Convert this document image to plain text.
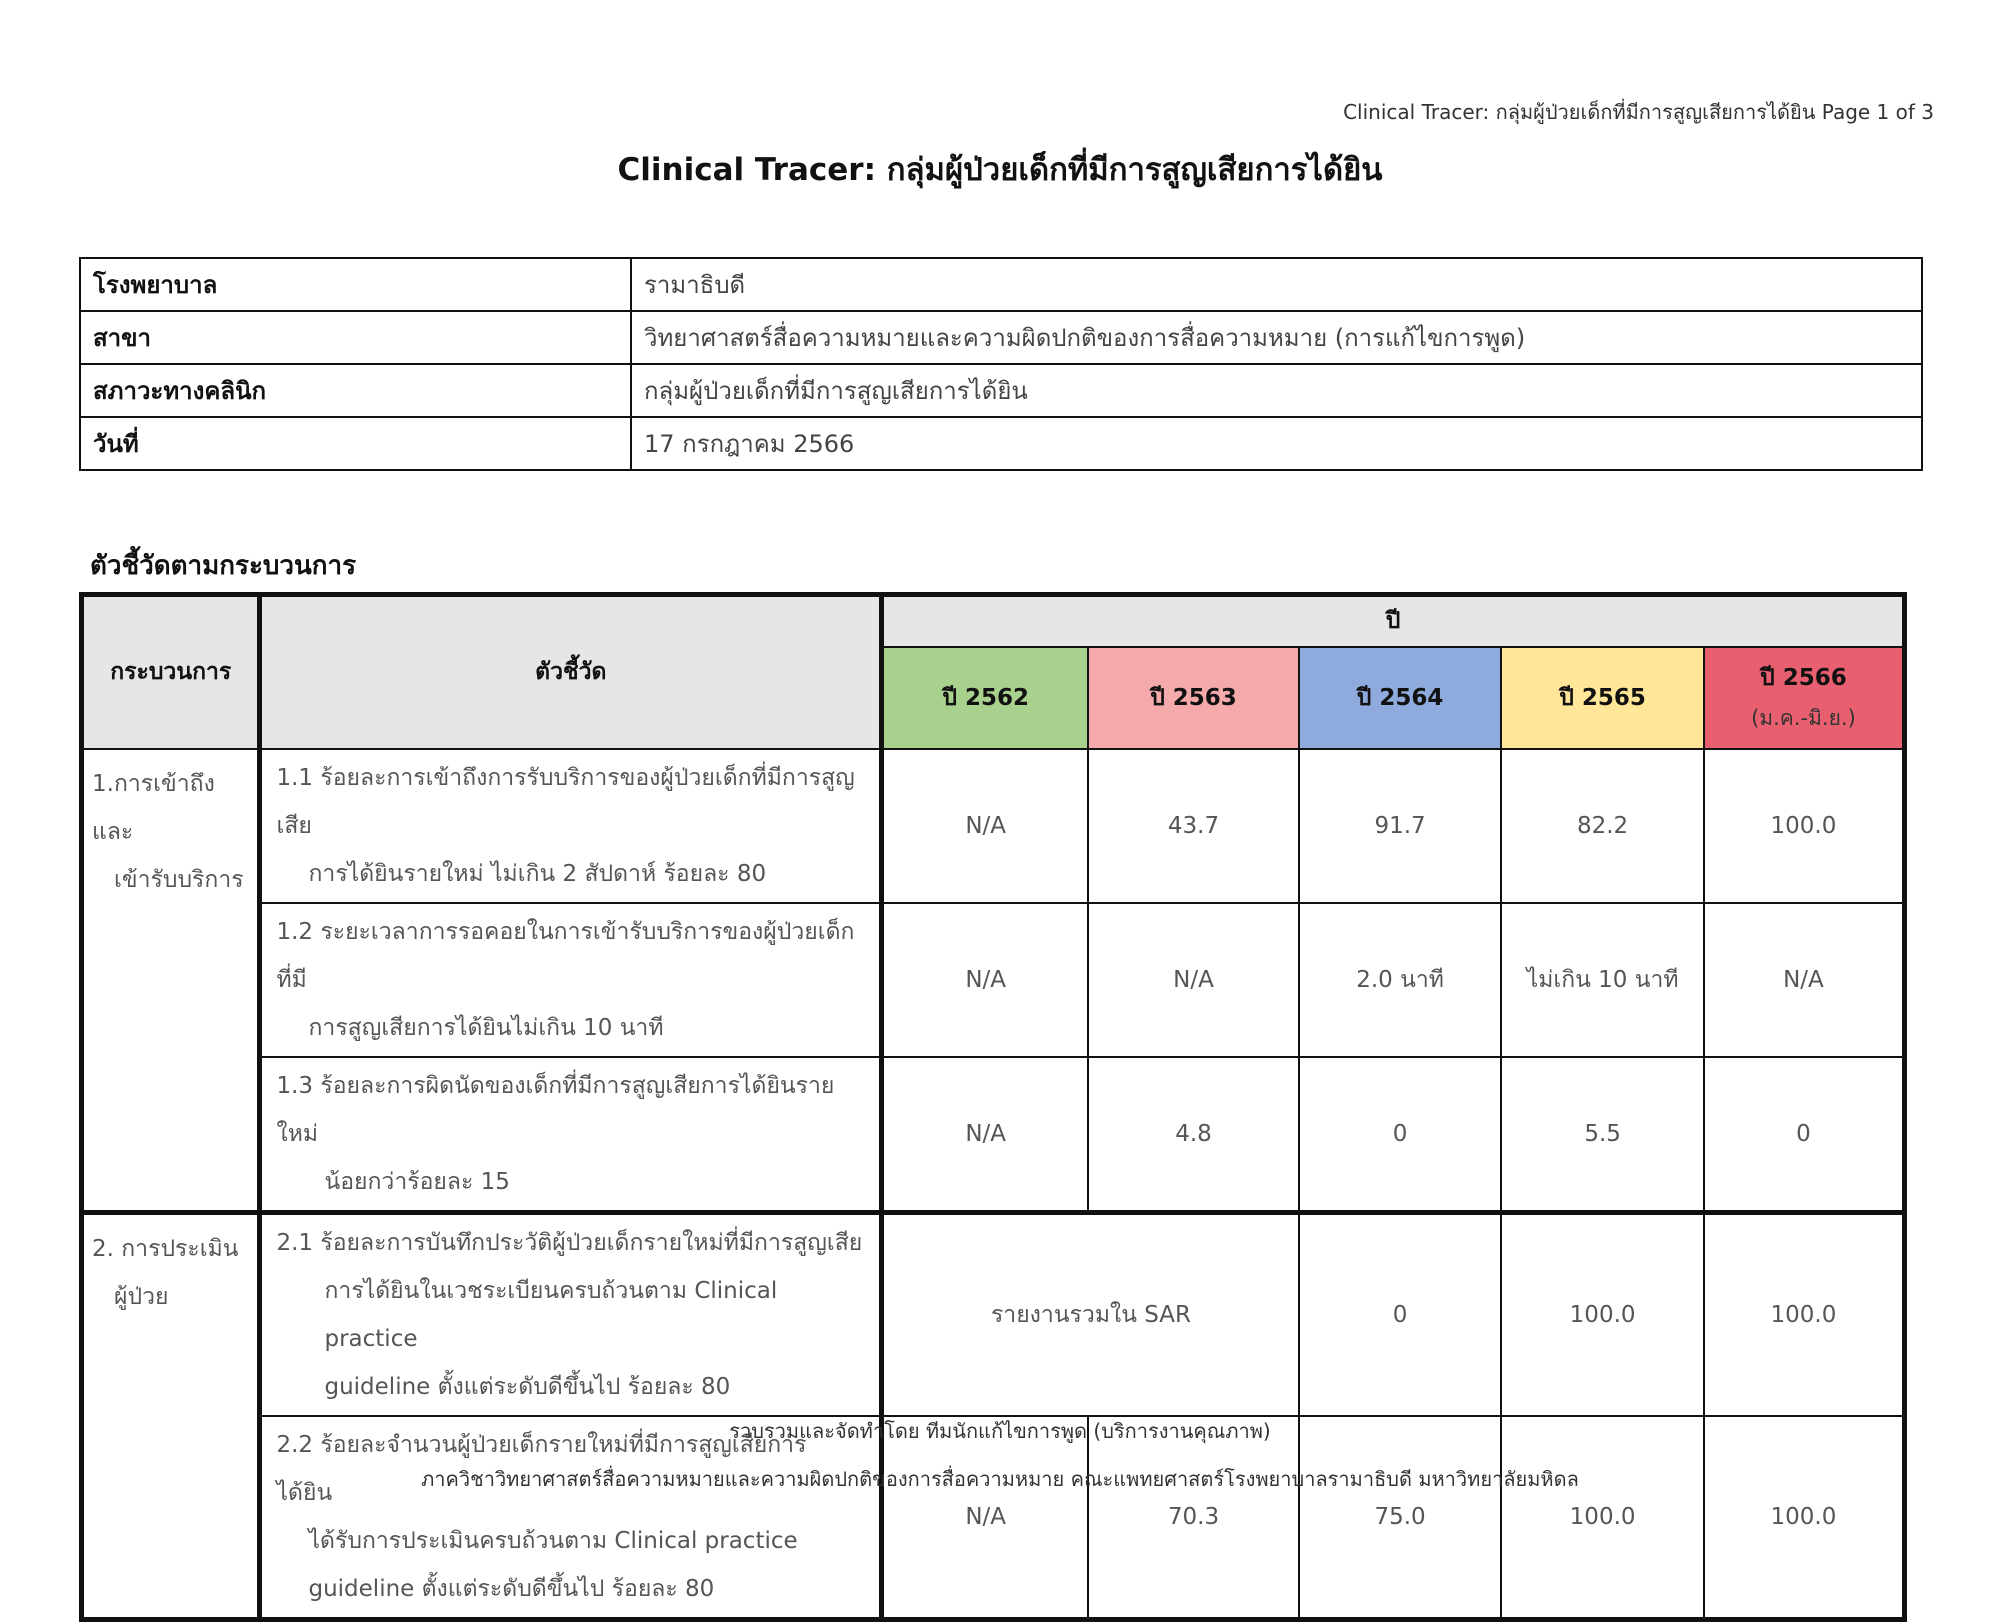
Clinical Tracer: กลุ่มผู้ป่วยเด็กที่มีการสูญเสียการได้ยิน Page 1 of 3
Clinical Tracer: กลุ่มผู้ป่วยเด็กที่มีการสูญเสียการได้ยิน
โรงพยาบาล	รามาธิบดี
สาขา	วิทยาศาสตร์สื่อความหมายและความผิดปกติของการสื่อความหมาย (การแก้ไขการพูด)
สภาวะทางคลินิก	กลุ่มผู้ป่วยเด็กที่มีการสูญเสียการได้ยิน
วันที่	17 กรกฎาคม 2566
ตัวชี้วัดตามกระบวนการ
กระบวนการ	ตัวชี้วัด	ปี				
		ปี 2562	ปี 2563	ปี 2564	ปี 2565	ปี 2566
(ม.ค.-มิ.ย.)

1.การเข้าถึงและ
เข้ารับบริการ	1.1 ร้อยละการเข้าถึงการรับบริการของผู้ป่วยเด็กที่มีการสูญเสีย
การได้ยินรายใหม่ ไม่เกิน 2 สัปดาห์ ร้อยละ 80	N/A	43.7	91.7	82.2	100.0
	1.2 ระยะเวลาการรอคอยในการเข้ารับบริการของผู้ป่วยเด็กที่มี
การสูญเสียการได้ยินไม่เกิน 10 นาที	N/A	N/A	2.0 นาที	ไม่เกิน 10 นาที	N/A
	1.3 ร้อยละการผิดนัดของเด็กที่มีการสูญเสียการได้ยินรายใหม่
น้อยกว่าร้อยละ 15	N/A	4.8	0	5.5	0
2. การประเมิน
ผู้ป่วย	2.1 ร้อยละการบันทึกประวัติผู้ป่วยเด็กรายใหม่ที่มีการสูญเสีย
การได้ยินในเวชระเบียนครบถ้วนตาม Clinical practice
guideline ตั้งแต่ระดับดีขึ้นไป ร้อยละ 80	รายงานรวมใน SAR		0	100.0	100.0
	2.2 ร้อยละจำนวนผู้ป่วยเด็กรายใหม่ที่มีการสูญเสียการ ได้ยิน
ได้รับการประเมินครบถ้วนตาม Clinical practice
guideline ตั้งแต่ระดับดีขึ้นไป ร้อยละ 80	N/A	70.3	75.0	100.0	100.0
รวบรวมและจัดทำโดย ทีมนักแก้ไขการพูด (บริการงานคุณภาพ)
ภาควิชาวิทยาศาสตร์สื่อความหมายและความผิดปกติของการสื่อความหมาย คณะแพทยศาสตร์โรงพยาบาลรามาธิบดี มหาวิทยาลัยมหิดล
